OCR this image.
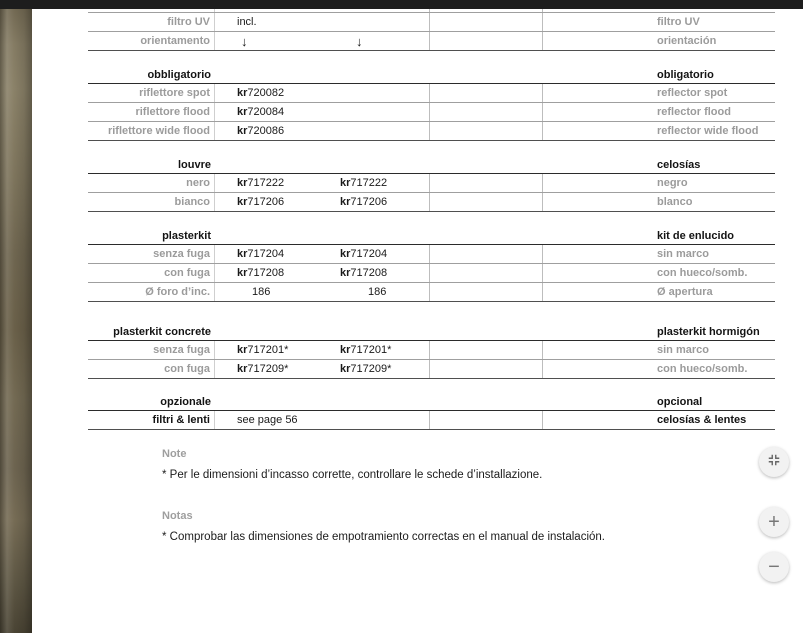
filtro UV	incl.	filtro UV
orientamento	↓	↓	orientación
obbligatorio	obligatorio
riflettore spot	kr 720082	reflector spot
riflettore flood	kr 720084	reflector flood
riflettore wide flood	kr 720086	reflector wide flood
louvre	celosías
nero	kr 717222	kr 717222	negro
bianco	kr 717206	kr 717206	blanco
plasterkit	kit de enlucido
senza fuga	kr 717204	kr 717204	sin marco
con fuga	kr 717208	kr 717208	con hueco/somb.
Ø foro d’inc.	186	186	Ø apertura
plasterkit concrete	plasterkit hormigón
senza fuga	kr 717201*	kr 717201*	sin marco
con fuga	kr 717209*	kr 717209*	con hueco/somb.
opzionale	opcional
filtri & lenti	see page 56	celosías & lentes
Note
* Per le dimensioni d’incasso corrette, controllare le schede d’installazione.
Notas
* Comprobar las dimensiones de empotramiento correctas en el manual de instalación.
+
−
